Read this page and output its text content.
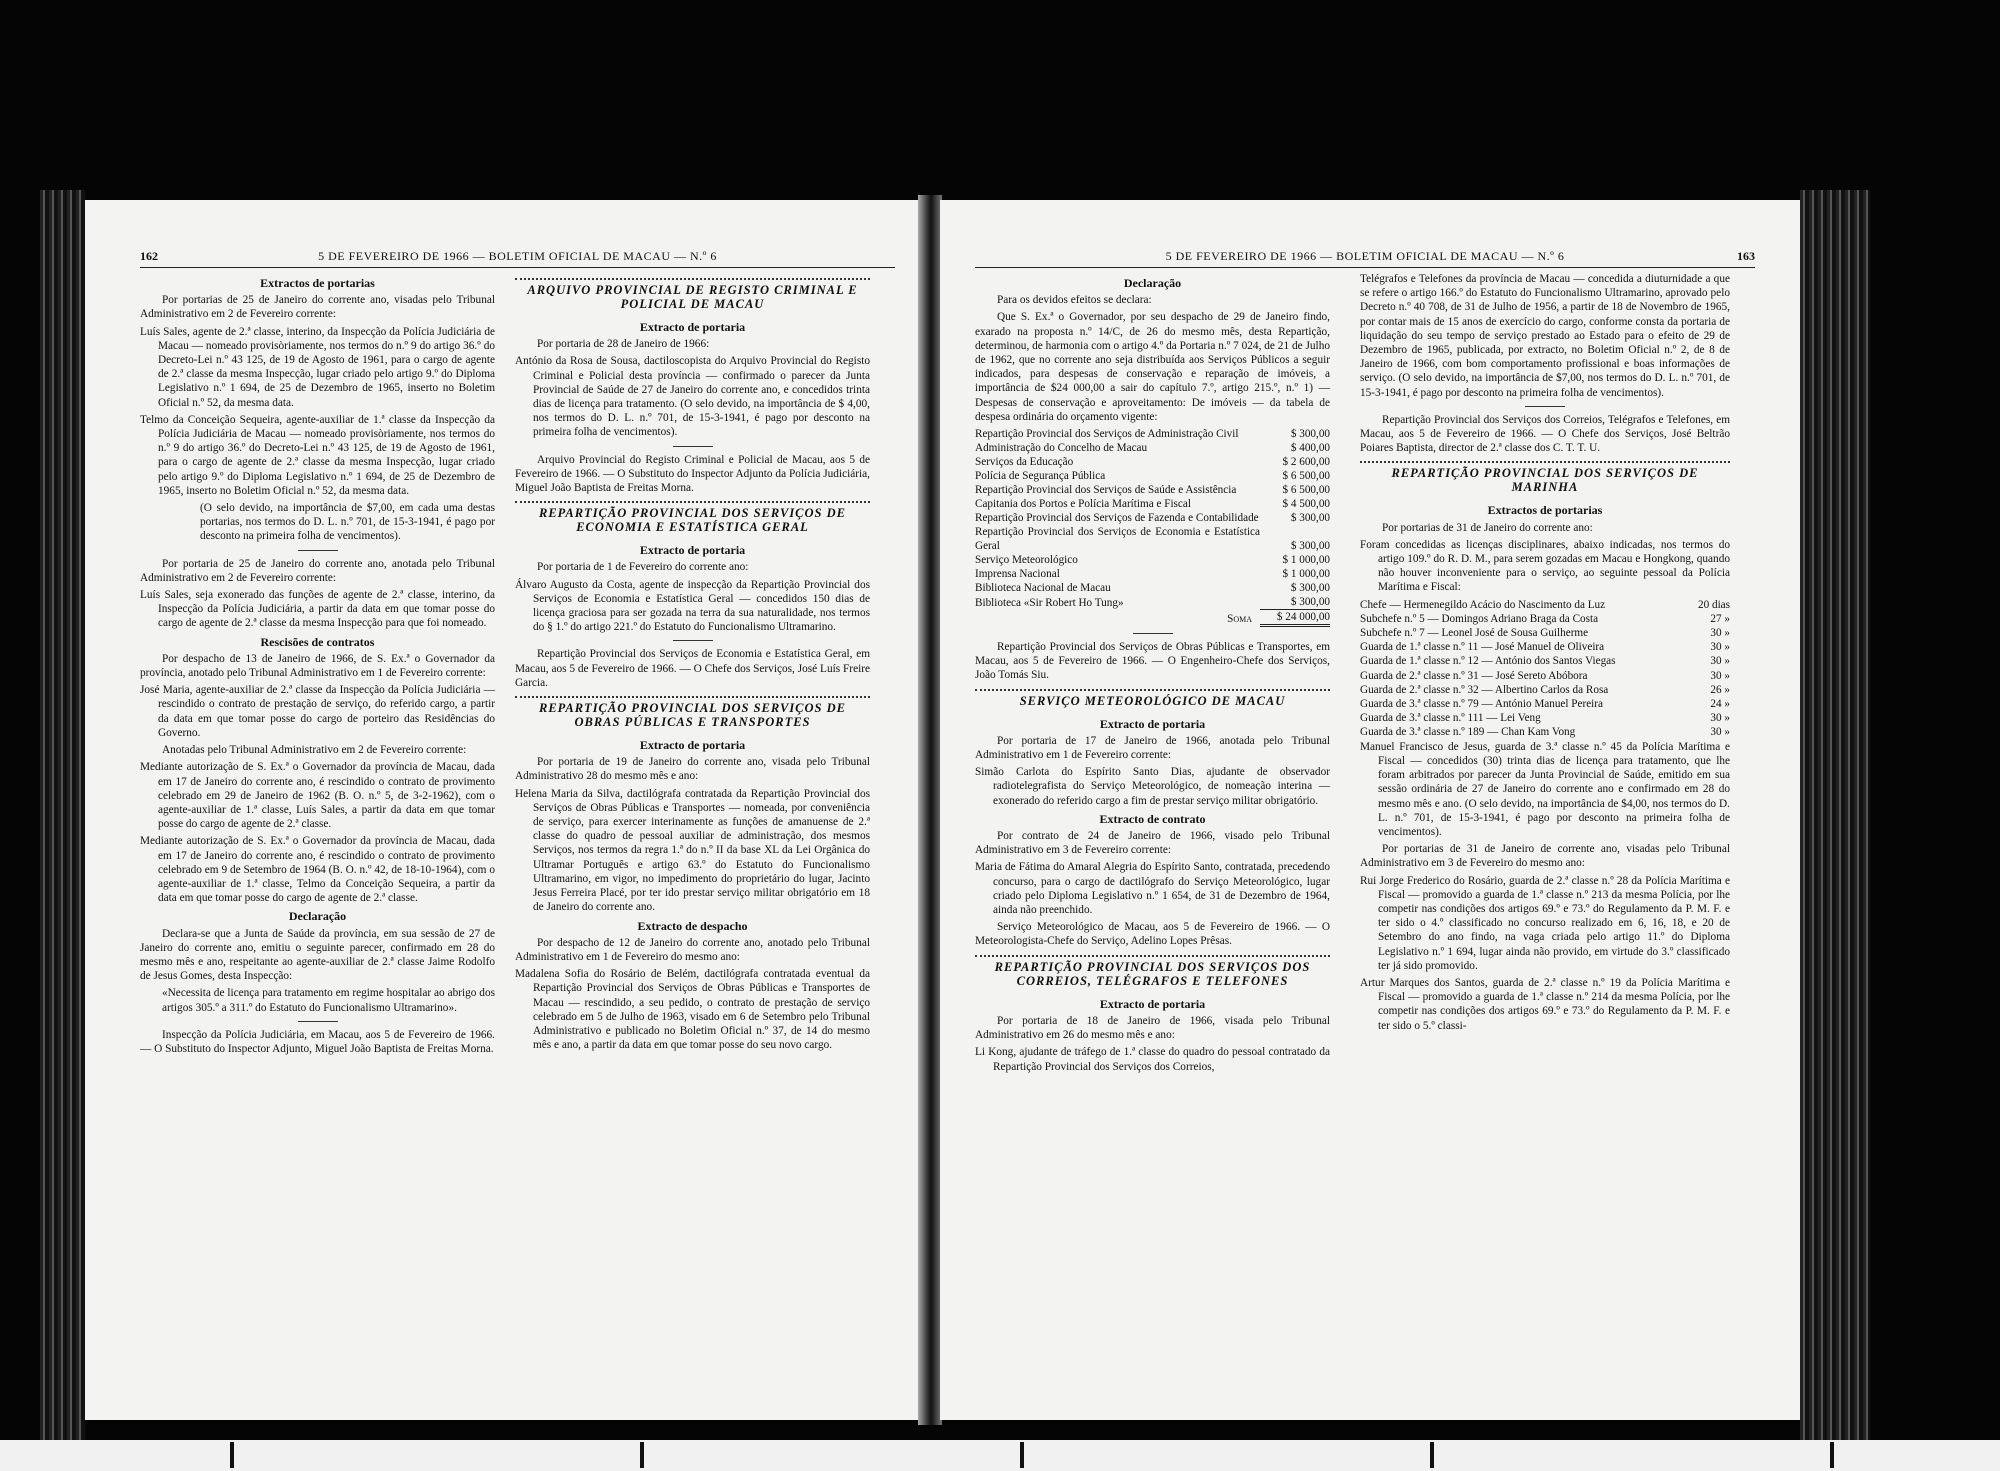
162	5 DE FEVEREIRO DE 1966 — BOLETIM OFICIAL DE MACAU — N.º 6
Extractos de portarias

Por portarias de 25 de Janeiro do corrente ano, visadas pelo Tribunal Administrativo em 2 de Fevereiro corrente:

Luís Sales, agente de 2.ª classe, interino, da Inspecção da Polícia Judiciária de Macau — nomeado provisòriamente, nos termos do n.º 9 do artigo 36.º do Decreto-Lei n.º 43 125, de 19 de Agosto de 1961, para o cargo de agente de 2.ª classe da mesma Inspecção, lugar criado pelo artigo 9.º do Diploma Legislativo n.º 1 694, de 25 de Dezembro de 1965, inserto no Boletim Oficial n.º 52, da mesma data.

Telmo da Conceição Sequeira, agente-auxiliar de 1.ª classe da Inspecção da Polícia Judiciária de Macau — nomeado provisòriamente, nos termos do n.º 9 do artigo 36.º do Decreto-Lei n.º 43 125, de 19 de Agosto de 1961, para o cargo de agente de 2.ª classe da mesma Inspecção, lugar criado pelo artigo 9.º do Diploma Legislativo n.º 1 694, de 25 de Dezembro de 1965, inserto no Boletim Oficial n.º 52, da mesma data.

(O selo devido, na importância de $7,00, em cada uma destas portarias, nos termos do D. L. n.º 701, de 15-3-1941, é pago por desconto na primeira folha de vencimentos).

Por portaria de 25 de Janeiro do corrente ano, anotada pelo Tribunal Administrativo em 2 de Fevereiro corrente:

Luís Sales, seja exonerado das funções de agente de 2.ª classe, interino, da Inspecção da Polícia Judiciária, a partir da data em que tomar posse do cargo de agente de 2.ª classe da mesma Inspecção para que foi nomeado.

Rescisões de contratos

Por despacho de 13 de Janeiro de 1966, de S. Ex.ª o Governador da província, anotado pelo Tribunal Administrativo em 1 de Fevereiro corrente:

José Maria, agente-auxiliar de 2.ª classe da Inspecção da Polícia Judiciária — rescindido o contrato de prestação de serviço, do referido cargo, a partir da data em que tomar posse do cargo de porteiro das Residências do Governo.

Anotadas pelo Tribunal Administrativo em 2 de Fevereiro corrente:

Mediante autorização de S. Ex.ª o Governador da província de Macau, dada em 17 de Janeiro do corrente ano, é rescindido o contrato de provimento celebrado em 29 de Janeiro de 1962 (B. O. n.º 5, de 3-2-1962), com o agente-auxiliar de 1.ª classe, Luís Sales, a partir da data em que tomar posse do cargo de agente de 2.ª classe.

Mediante autorização de S. Ex.ª o Governador da província de Macau, dada em 17 de Janeiro do corrente ano, é rescindido o contrato de provimento celebrado em 9 de Setembro de 1964 (B. O. n.º 42, de 18-10-1964), com o agente-auxiliar de 1.ª classe, Telmo da Conceição Sequeira, a partir da data em que tomar posse do cargo de agente de 2.ª classe.

Declaração

Declara-se que a Junta de Saúde da província, em sua sessão de 27 de Janeiro do corrente ano, emitiu o seguinte parecer, confirmado em 28 do mesmo mês e ano, respeitante ao agente-auxiliar de 2.ª classe Jaime Rodolfo de Jesus Gomes, desta Inspecção:

«Necessita de licença para tratamento em regime hospitalar ao abrigo dos artigos 305.º a 311.º do Estatuto do Funcionalismo Ultramarino».

Inspecção da Polícia Judiciária, em Macau, aos 5 de Fevereiro de 1966. — O Substituto do Inspector Adjunto, Miguel João Baptista de Freitas Morna.

ARQUIVO PROVINCIAL DE REGISTO CRIMINAL E POLICIAL DE MACAU
Extracto de portaria

Por portaria de 28 de Janeiro de 1966:

António da Rosa de Sousa, dactiloscopista do Arquivo Provincial do Registo Criminal e Policial desta província — confirmado o parecer da Junta Provincial de Saúde de 27 de Janeiro do corrente ano, e concedidos trinta dias de licença para tratamento. (O selo devido, na importância de $ 4,00, nos termos do D. L. n.º 701, de 15-3-1941, é pago por desconto na primeira folha de vencimentos).

Arquivo Provincial do Registo Criminal e Policial de Macau, aos 5 de Fevereiro de 1966. — O Substituto do Inspector Adjunto da Polícia Judiciária, Miguel João Baptista de Freitas Morna.

REPARTIÇÃO PROVINCIAL DOS SERVIÇOS DE ECONOMIA E ESTATÍSTICA GERAL
Extracto de portaria

Por portaria de 1 de Fevereiro do corrente ano:

Álvaro Augusto da Costa, agente de inspecção da Repartição Provincial dos Serviços de Economia e Estatística Geral — concedidos 150 dias de licença graciosa para ser gozada na terra da sua naturalidade, nos termos do § 1.º do artigo 221.º do Estatuto do Funcionalismo Ultramarino.

Repartição Provincial dos Serviços de Economia e Estatística Geral, em Macau, aos 5 de Fevereiro de 1966. — O Chefe dos Serviços, José Luís Freire Garcia.

REPARTIÇÃO PROVINCIAL DOS SERVIÇOS DE OBRAS PÚBLICAS E TRANSPORTES
Extracto de portaria

Por portaria de 19 de Janeiro do corrente ano, visada pelo Tribunal Administrativo 28 do mesmo mês e ano:

Helena Maria da Silva, dactilógrafa contratada da Repartição Provincial dos Serviços de Obras Públicas e Transportes — nomeada, por conveniência de serviço, para exercer interinamente as funções de amanuense de 2.ª classe do quadro de pessoal auxiliar de administração, dos mesmos Serviços, nos termos da regra 1.ª do n.º II da base XL da Lei Orgânica do Ultramar Português e artigo 63.º do Estatuto do Funcionalismo Ultramarino, em vigor, no impedimento do proprietário do lugar, Jacinto Jesus Ferreira Placé, por ter ido prestar serviço militar obrigatório em 18 de Janeiro do corrente ano.

Extracto de despacho

Por despacho de 12 de Janeiro do corrente ano, anotado pelo Tribunal Administrativo em 1 de Fevereiro do mesmo ano:

Madalena Sofia do Rosário de Belém, dactilógrafa contratada eventual da Repartição Provincial dos Serviços de Obras Públicas e Transportes de Macau — rescindido, a seu pedido, o contrato de prestação de serviço celebrado em 5 de Julho de 1963, visado em 6 de Setembro pelo Tribunal Administrativo e publicado no Boletim Oficial n.º 37, de 14 do mesmo mês e ano, a partir da data em que tomar posse do seu novo cargo.

5 DE FEVEREIRO DE 1966 — BOLETIM OFICIAL DE MACAU — N.º 6	163
Declaração

Para os devidos efeitos se declara:

Que S. Ex.ª o Governador, por seu despacho de 29 de Janeiro findo, exarado na proposta n.º 14/C, de 26 do mesmo mês, desta Repartição, determinou, de harmonia com o artigo 4.º da Portaria n.º 7 024, de 21 de Julho de 1962, que no corrente ano seja distribuída aos Serviços Públicos a seguir indicados, para despesas de conservação e reparação de imóveis, a importância de $24 000,00 a sair do capítulo 7.º, artigo 215.º, n.º 1) — Despesas de conservação e aproveitamento: De imóveis — da tabela de despesa ordinária do orçamento vigente:

Repartição Provincial dos Serviços de Administração Civil	$ 300,00
Administração do Concelho de Macau	$ 400,00
Serviços da Educação	$ 2 600,00
Polícia de Segurança Pública	$ 6 500,00
Repartição Provincial dos Serviços de Saúde e Assistência	$ 6 500,00
Capitania dos Portos e Polícia Marítima e Fiscal	$ 4 500,00
Repartição Provincial dos Serviços de Fazenda e Contabilidade	$ 300,00
Repartição Provincial dos Serviços de Economia e Estatística Geral	$ 300,00
Serviço Meteorológico	$ 1 000,00
Imprensa Nacional	$ 1 000,00
Biblioteca Nacional de Macau	$ 300,00
Biblioteca «Sir Robert Ho Tung»	$ 300,00
Soma	$ 24 000,00

Repartição Provincial dos Serviços de Obras Públicas e Transportes, em Macau, aos 5 de Fevereiro de 1966. — O Engenheiro-Chefe dos Serviços, João Tomás Siu.

SERVIÇO METEOROLÓGICO DE MACAU
Extracto de portaria

Por portaria de 17 de Janeiro de 1966, anotada pelo Tribunal Administrativo em 1 de Fevereiro corrente:

Simão Carlota do Espírito Santo Dias, ajudante de observador radiotelegrafista do Serviço Meteorológico, de nomeação interina — exonerado do referido cargo a fim de prestar serviço militar obrigatório.

Extracto de contrato

Por contrato de 24 de Janeiro de 1966, visado pelo Tribunal Administrativo em 3 de Fevereiro corrente:

Maria de Fátima do Amaral Alegria do Espírito Santo, contratada, precedendo concurso, para o cargo de dactilógrafo do Serviço Meteorológico, lugar criado pelo Diploma Legislativo n.º 1 654, de 31 de Dezembro de 1964, ainda não preenchido.

Serviço Meteorológico de Macau, aos 5 de Fevereiro de 1966. — O Meteorologista-Chefe do Serviço, Adelino Lopes Prêsas.

REPARTIÇÃO PROVINCIAL DOS SERVIÇOS DOS CORREIOS, TELÉGRAFOS E TELEFONES
Extracto de portaria

Por portaria de 18 de Janeiro de 1966, visada pelo Tribunal Administrativo em 26 do mesmo mês e ano:

Li Kong, ajudante de tráfego de 1.ª classe do quadro do pessoal contratado da Repartição Provincial dos Serviços dos Correios,

Telégrafos e Telefones da província de Macau — concedida a diuturnidade a que se refere o artigo 166.º do Estatuto do Funcionalismo Ultramarino, aprovado pelo Decreto n.º 40 708, de 31 de Julho de 1956, a partir de 18 de Novembro de 1965, por contar mais de 15 anos de exercício do cargo, conforme consta da portaria de liquidação do seu tempo de serviço prestado ao Estado para o efeito de 29 de Dezembro de 1965, publicada, por extracto, no Boletim Oficial n.º 2, de 8 de Janeiro de 1966, com bom comportamento profissional e boas informações de serviço. (O selo devido, na importância de $7,00, nos termos do D. L. n.º 701, de 15-3-1941, é pago por desconto na primeira folha de vencimentos).

Repartição Provincial dos Serviços dos Correios, Telégrafos e Telefones, em Macau, aos 5 de Fevereiro de 1966. — O Chefe dos Serviços, José Beltrão Poiares Baptista, director de 2.ª classe dos C. T. T. U.

REPARTIÇÃO PROVINCIAL DOS SERVIÇOS DE MARINHA
Extractos de portarias

Por portarias de 31 de Janeiro do corrente ano:

Foram concedidas as licenças disciplinares, abaixo indicadas, nos termos do artigo 109.º do R. D. M., para serem gozadas em Macau e Hongkong, quando não houver inconveniente para o serviço, ao seguinte pessoal da Polícia Marítima e Fiscal:

Chefe — Hermenegildo Acácio do Nascimento da Luz	20 dias
Subchefe n.º 5 — Domingos Adriano Braga da Costa	27 »
Subchefe n.º 7 — Leonel José de Sousa Guilherme	30 »
Guarda de 1.ª classe n.º 11 — José Manuel de Oliveira	30 »
Guarda de 1.ª classe n.º 12 — António dos Santos Viegas	30 »
Guarda de 2.ª classe n.º 31 — José Sereto Abóbora	30 »
Guarda de 2.ª classe n.º 32 — Albertino Carlos da Rosa	26 »
Guarda de 3.ª classe n.º 79 — António Manuel Pereira	24 »
Guarda de 3.ª classe n.º 111 — Lei Veng	30 »
Guarda de 3.ª classe n.º 189 — Chan Kam Vong	30 »

Manuel Francisco de Jesus, guarda de 3.ª classe n.º 45 da Polícia Marítima e Fiscal — concedidos (30) trinta dias de licença para tratamento, que lhe foram arbitrados por parecer da Junta Provincial de Saúde, emitido em sua sessão ordinária de 27 de Janeiro do corrente ano e confirmado em 28 do mesmo mês e ano. (O selo devido, na importância de $4,00, nos termos do D. L. n.º 701, de 15-3-1941, é pago por desconto na primeira folha de vencimentos).

Por portarias de 31 de Janeiro de corrente ano, visadas pelo Tribunal Administrativo em 3 de Fevereiro do mesmo ano:

Rui Jorge Frederico do Rosário, guarda de 2.ª classe n.º 28 da Polícia Marítima e Fiscal — promovido a guarda de 1.ª classe n.º 213 da mesma Polícia, por lhe competir nas condições dos artigos 69.º e 73.º do Regulamento da P. M. F. e ter sido o 4.º classificado no concurso realizado em 6, 16, 18, e 20 de Setembro do ano findo, na vaga criada pelo artigo 11.º do Diploma Legislativo n.º 1 694, lugar ainda não provido, em virtude do 3.º classificado ter já sido promovido.

Artur Marques dos Santos, guarda de 2.ª classe n.º 19 da Polícia Marítima e Fiscal — promovido a guarda de 1.ª classe n.º 214 da mesma Polícia, por lhe competir nas condições dos artigos 69.º e 73.º do Regulamento da P. M. F. e ter sido o 5.º classi-
